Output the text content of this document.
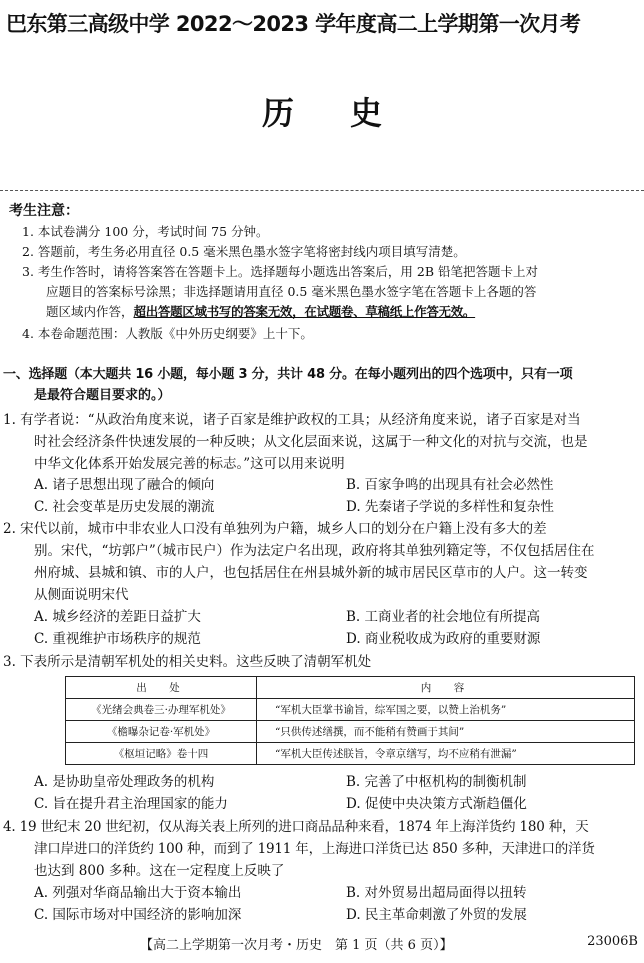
巴东第三高级中学 2022～2023 学年度高二上学期第一次月考
历史
考生注意：
1. 本试卷满分 100 分，考试时间 75 分钟。
2. 答题前，考生务必用直径 0.5 毫米黑色墨水签字笔将密封线内项目填写清楚。
3. 考生作答时，请将答案答在答题卡上。选择题每小题选出答案后，用 2B 铅笔把答题卡上对
应题目的答案标号涂黑；非选择题请用直径 0.5 毫米黑色墨水签字笔在答题卡上各题的答
题区域内作答，超出答题区域书写的答案无效，在试题卷、草稿纸上作答无效。
4. 本卷命题范围：人教版《中外历史纲要》上十下。
一、选择题（本大题共 16 小题，每小题 3 分，共计 48 分。在每小题列出的四个选项中，只有一项
是最符合题目要求的。）
1. 有学者说：“从政治角度来说，诸子百家是维护政权的工具；从经济角度来说，诸子百家是对当
时社会经济条件快速发展的一种反映；从文化层面来说，这属于一种文化的对抗与交流，也是
中华文化体系开始发展完善的标志。”这可以用来说明
A. 诸子思想出现了融合的倾向	B. 百家争鸣的出现具有社会必然性
C. 社会变革是历史发展的潮流	D. 先秦诸子学说的多样性和复杂性
2. 宋代以前，城市中非农业人口没有单独列为户籍，城乡人口的划分在户籍上没有多大的差
别。宋代，“坊郭户”（城市民户）作为法定户名出现，政府将其单独列籍定等，不仅包括居住在
州府城、县城和镇、市的人户，也包括居住在州县城外新的城市居民区草市的人户。这一转变
从侧面说明宋代
A. 城乡经济的差距日益扩大	B. 工商业者的社会地位有所提高
C. 重视维护市场秩序的规范	D. 商业税收成为政府的重要财源
3. 下表所示是清朝军机处的相关史料。这些反映了清朝军机处
出　处	内　容
《光绪会典卷三·办理军机处》	“军机大臣掌书谕旨，综军国之要，以赞上治机务”
《檐曝杂记卷·军机处》	“只供传述缮撰，而不能稍有赞画于其间”
《枢垣记略》卷十四	“军机大臣传述朕旨，令章京缮写，均不应稍有泄漏”
A. 是协助皇帝处理政务的机构	B. 完善了中枢机构的制衡机制
C. 旨在提升君主治理国家的能力	D. 促使中央决策方式渐趋僵化
4. 19 世纪末 20 世纪初，仅从海关表上所列的进口商品品种来看，1874 年上海洋货约 180 种，天
津口岸进口的洋货约 100 种，而到了 1911 年，上海进口洋货已达 850 多种，天津进口的洋货
也达到 800 多种。这在一定程度上反映了
A. 列强对华商品输出大于资本输出	B. 对外贸易出超局面得以扭转
C. 国际市场对中国经济的影响加深	D. 民主革命刺激了外贸的发展
【高二上学期第一次月考・历史　第 1 页（共 6 页）】	23006B
